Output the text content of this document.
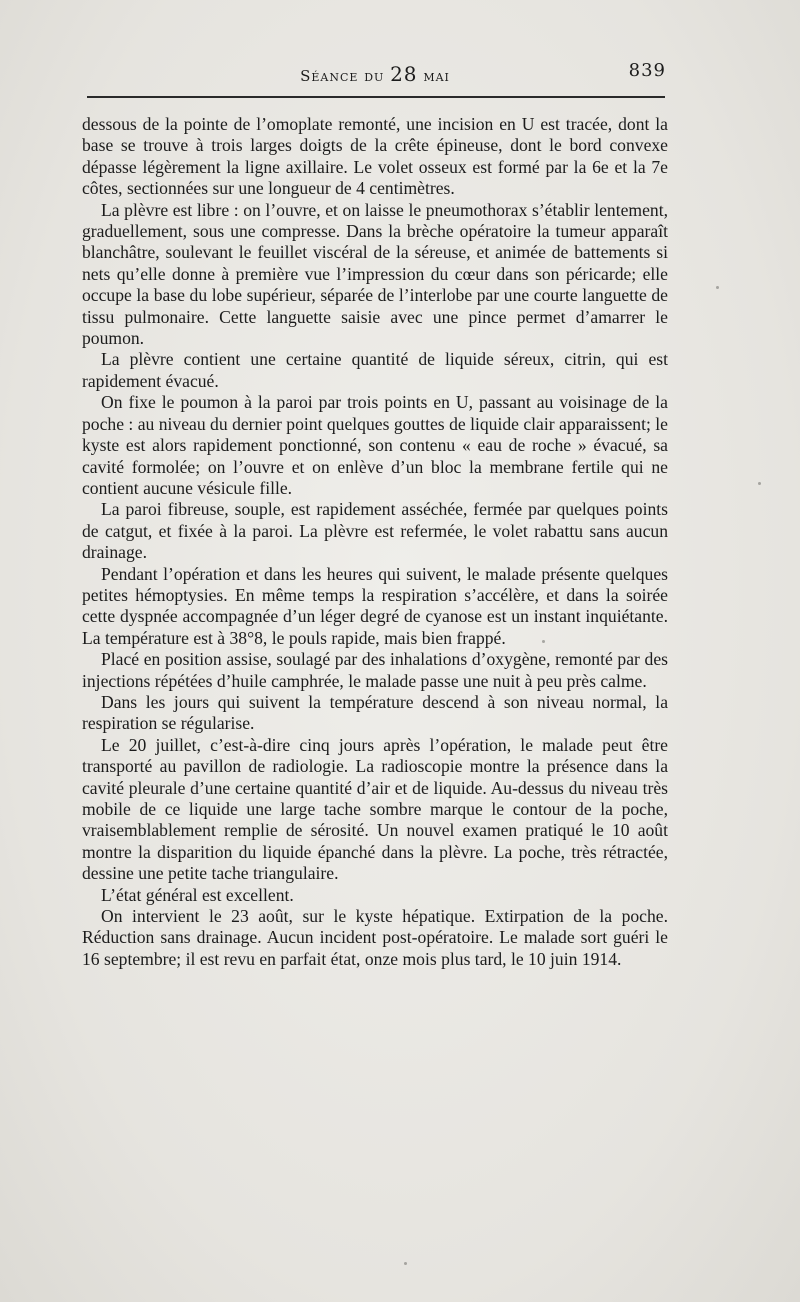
Séance du 28 mai	839

dessous de la pointe de l’omoplate remonté, une incision en U est tracée, dont la base se trouve à trois larges doigts de la crête épineuse, dont le bord convexe dépasse légèrement la ligne axillaire. Le volet osseux est formé par la 6e et la 7e côtes, sectionnées sur une longueur de 4 centimètres.

La plèvre est libre : on l’ouvre, et on laisse le pneumothorax s’établir lentement, graduellement, sous une compresse. Dans la brèche opératoire la tumeur apparaît blanchâtre, soulevant le feuillet viscéral de la séreuse, et animée de battements si nets qu’elle donne à première vue l’impression du cœur dans son péricarde; elle occupe la base du lobe supérieur, séparée de l’interlobe par une courte languette de tissu pulmonaire. Cette languette saisie avec une pince permet d’amarrer le poumon.

La plèvre contient une certaine quantité de liquide séreux, citrin, qui est rapidement évacué.

On fixe le poumon à la paroi par trois points en U, passant au voisinage de la poche : au niveau du dernier point quelques gouttes de liquide clair apparaissent; le kyste est alors rapidement ponctionné, son contenu « eau de roche » évacué, sa cavité formolée; on l’ouvre et on enlève d’un bloc la membrane fertile qui ne contient aucune vésicule fille.

La paroi fibreuse, souple, est rapidement asséchée, fermée par quelques points de catgut, et fixée à la paroi. La plèvre est refermée, le volet rabattu sans aucun drainage.

Pendant l’opération et dans les heures qui suivent, le malade présente quelques petites hémoptysies. En même temps la respiration s’accélère, et dans la soirée cette dyspnée accompagnée d’un léger degré de cyanose est un instant inquiétante. La température est à 38°8, le pouls rapide, mais bien frappé.

Placé en position assise, soulagé par des inhalations d’oxygène, remonté par des injections répétées d’huile camphrée, le malade passe une nuit à peu près calme.

Dans les jours qui suivent la température descend à son niveau normal, la respiration se régularise.

Le 20 juillet, c’est-à-dire cinq jours après l’opération, le malade peut être transporté au pavillon de radiologie. La radioscopie montre la présence dans la cavité pleurale d’une certaine quantité d’air et de liquide. Au-dessus du niveau très mobile de ce liquide une large tache sombre marque le contour de la poche, vraisemblablement remplie de sérosité. Un nouvel examen pratiqué le 10 août montre la disparition du liquide épanché dans la plèvre. La poche, très rétractée, dessine une petite tache triangulaire.

L’état général est excellent.

On intervient le 23 août, sur le kyste hépatique. Extirpation de la poche. Réduction sans drainage. Aucun incident post-opératoire. Le malade sort guéri le 16 septembre; il est revu en parfait état, onze mois plus tard, le 10 juin 1914.
